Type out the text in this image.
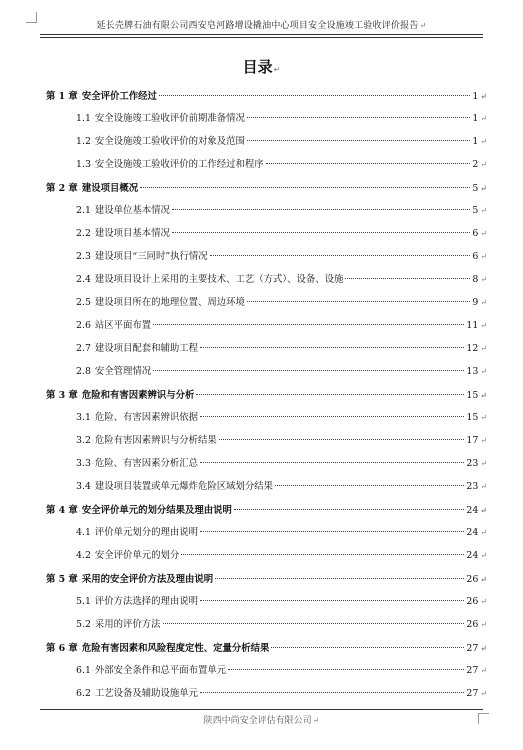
延长壳牌石油有限公司西安皂河路增设撬油中心项目安全设施竣工验收评价报告↵
目录↵
第 1 章 · 安全评价工作经过	1 ↵
1.1 · 安全设施竣工验收评价前期准备情况	1 ↵
1.2 · 安全设施竣工验收评价的对象及范围	1 ↵
1.3 · 安全设施竣工验收评价的工作经过和程序	2 ↵
第 2 章 · 建设项目概况	5 ↵
2.1 · 建设单位基本情况	5 ↵
2.2 · 建设项目基本情况	6 ↵
2.3 · 建设项目“三同时”执行情况	6 ↵
2.4 · 建设项目设计上采用的主要技术、工艺（方式）、设备、设施	8 ↵
2.5 · 建设项目所在的地理位置、周边环境	9 ↵
2.6 · 站区平面布置	11 ↵
2.7 · 建设项目配套和辅助工程	12 ↵
2.8 · 安全管理情况	13 ↵
第 3 章 · 危险和有害因素辨识与分析	15 ↵
3.1 · 危险、有害因素辨识依据	15 ↵
3.2 · 危险有害因素辨识与分析结果	17 ↵
3.3 · 危险、有害因素分析汇总	23 ↵
3.4 · 建设项目装置或单元爆炸危险区域划分结果	23 ↵
第 4 章 · 安全评价单元的划分结果及理由说明	24 ↵
4.1 · 评价单元划分的理由说明	24 ↵
4.2 · 安全评价单元的划分	24 ↵
第 5 章 · 采用的安全评价方法及理由说明	26 ↵
5.1 · 评价方法选择的理由说明	26 ↵
5.2 · 采用的评价方法	26 ↵
第 6 章 · 危险有害因素和风险程度定性、定量分析结果	27 ↵
6.1 · 外部安全条件和总平面布置单元	27 ↵
6.2 · 工艺设备及辅助设施单元	27 ↵
陕西中尚安全评估有限公司↵
